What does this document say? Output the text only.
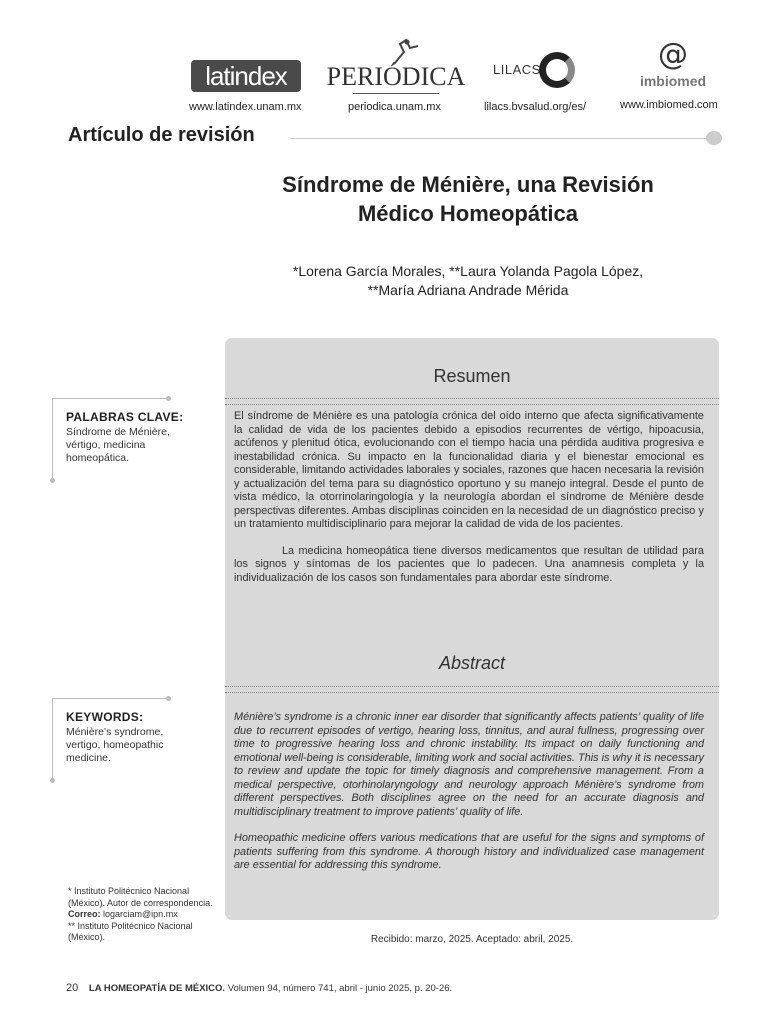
latindex
www.latindex.unam.mx
PERIÓDICA
periodica.unam.mx
LILACS
lilacs.bvsalud.org/es/
@
imbiomed
www.imbiomed.com
Artículo de revisión
Síndrome de Ménière, una Revisión
Médico Homeopática
*Lorena García Morales, **Laura Yolanda Pagola López,
**María Adriana Andrade Mérida
Resumen

El síndrome de Ménière es una patología crónica del oído interno que afecta significativamente la calidad de vida de los pacientes debido a episodios recurrentes de vértigo, hipoacusia, acúfenos y plenitud ótica, evolucionando con el tiempo hacia una pérdida auditiva progresiva e inestabilidad crónica. Su impacto en la funcionalidad diaria y el bienestar emocional es considerable, limitando actividades laborales y sociales, razones que hacen necesaria la revisión y actualización del tema para su diagnóstico oportuno y su manejo integral. Desde el punto de vista médico, la otorrinolaringología y la neurología abordan el síndrome de Ménière desde perspectivas diferentes. Ambas disciplinas coinciden en la necesidad de un diagnóstico preciso y un tratamiento multidisciplinario para mejorar la calidad de vida de los pacientes.

La medicina homeopática tiene diversos medicamentos que resultan de utilidad para los signos y síntomas de los pacientes que lo padecen. Una anamnesis completa y la individualización de los casos son fundamentales para abordar este síndrome.

Abstract

Ménière’s syndrome is a chronic inner ear disorder that significantly affects patients’ quality of life due to recurrent episodes of vertigo, hearing loss, tinnitus, and aural fullness, progressing over time to progressive hearing loss and chronic instability. Its impact on daily functioning and emotional well-being is considerable, limiting work and social activities. This is why it is necessary to review and update the topic for timely diagnosis and comprehensive management. From a medical perspective, otorhinolaryngology and neurology approach Ménière’s syndrome from different perspectives. Both disciplines agree on the need for an accurate diagnosis and multidisciplinary treatment to improve patients’ quality of life.

Homeopathic medicine offers various medications that are useful for the signs and symptoms of patients suffering from this syndrome. A thorough history and individualized case management are essential for addressing this syndrome.

PALABRAS CLAVE:
Síndrome de Ménière, vértigo, medicina homeopática.
KEYWORDS:
Ménière’s syndrome, vertigo, homeopathic medicine.
* Instituto Politécnico Nacional (México). Autor de correspondencia. Correo: logarciam@ipn.mx
** Instituto Politécnico Nacional (México).	Recibido: marzo, 2025. Aceptado: abril, 2025.
20 LA HOMEOPATÍA DE MÉXICO. Volumen 94, número 741, abril - junio 2025, p. 20-26.
